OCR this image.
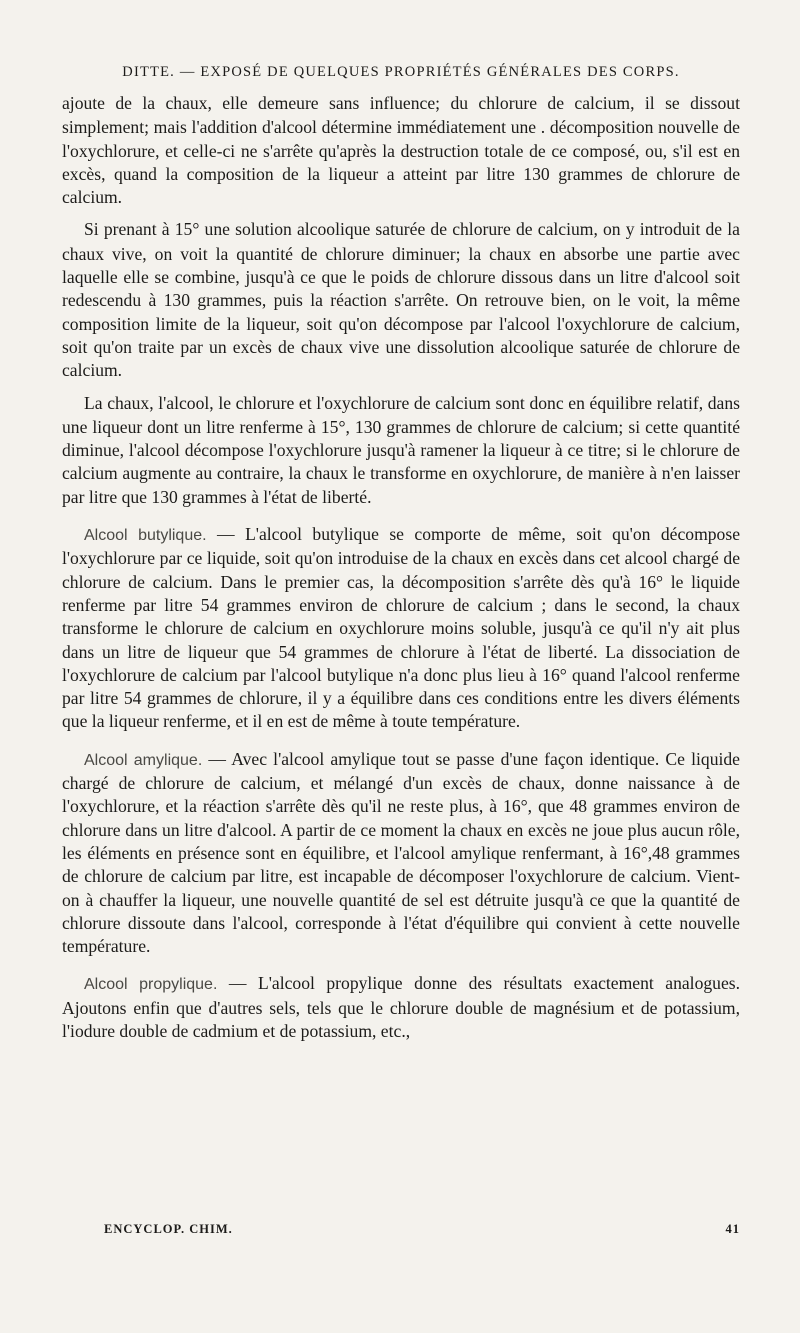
DITTE. — EXPOSÉ DE QUELQUES PROPRIÉTÉS GÉNÉRALES DES CORPS.

ajoute de la chaux, elle demeure sans influence; du chlorure de calcium, il se dissout simplement; mais l'addition d'alcool détermine immédiatement une . décomposition nouvelle de l'oxychlorure, et celle-ci ne s'arrête qu'après la destruction totale de ce composé, ou, s'il est en excès, quand la composition de la liqueur a atteint par litre 130 grammes de chlorure de calcium.

Si prenant à 15° une solution alcoolique saturée de chlorure de calcium, on y introduit de la chaux vive, on voit la quantité de chlorure diminuer; la chaux en absorbe une partie avec laquelle elle se combine, jusqu'à ce que le poids de chlorure dissous dans un litre d'alcool soit redescendu à 130 grammes, puis la réaction s'arrête. On retrouve bien, on le voit, la même composition limite de la liqueur, soit qu'on décompose par l'alcool l'oxychlorure de calcium, soit qu'on traite par un excès de chaux vive une dissolution alcoolique saturée de chlorure de calcium.

La chaux, l'alcool, le chlorure et l'oxychlorure de calcium sont donc en équilibre relatif, dans une liqueur dont un litre renferme à 15°, 130 grammes de chlorure de calcium; si cette quantité diminue, l'alcool décompose l'oxychlorure jusqu'à ramener la liqueur à ce titre; si le chlorure de calcium augmente au contraire, la chaux le transforme en oxychlorure, de manière à n'en laisser par litre que 130 grammes à l'état de liberté.

Alcool butylique. — L'alcool butylique se comporte de même, soit qu'on décompose l'oxychlorure par ce liquide, soit qu'on introduise de la chaux en excès dans cet alcool chargé de chlorure de calcium. Dans le premier cas, la décomposition s'arrête dès qu'à 16° le liquide renferme par litre 54 grammes environ de chlorure de calcium ; dans le second, la chaux transforme le chlorure de calcium en oxychlorure moins soluble, jusqu'à ce qu'il n'y ait plus dans un litre de liqueur que 54 grammes de chlorure à l'état de liberté. La dissociation de l'oxychlorure de calcium par l'alcool butylique n'a donc plus lieu à 16° quand l'alcool renferme par litre 54 grammes de chlorure, il y a équilibre dans ces conditions entre les divers éléments que la liqueur renferme, et il en est de même à toute température.

Alcool amylique. — Avec l'alcool amylique tout se passe d'une façon identique. Ce liquide chargé de chlorure de calcium, et mélangé d'un excès de chaux, donne naissance à de l'oxychlorure, et la réaction s'arrête dès qu'il ne reste plus, à 16°, que 48 grammes environ de chlorure dans un litre d'alcool. A partir de ce moment la chaux en excès ne joue plus aucun rôle, les éléments en présence sont en équilibre, et l'alcool amylique renfermant, à 16°,48 grammes de chlorure de calcium par litre, est incapable de décomposer l'oxychlorure de calcium. Vient-on à chauffer la liqueur, une nouvelle quantité de sel est détruite jusqu'à ce que la quantité de chlorure dissoute dans l'alcool, corresponde à l'état d'équilibre qui convient à cette nouvelle température.

Alcool propylique. — L'alcool propylique donne des résultats exactement analogues. Ajoutons enfin que d'autres sels, tels que le chlorure double de magnésium et de potassium, l'iodure double de cadmium et de potassium, etc.,

ENCYCLOP. CHIM.	41
